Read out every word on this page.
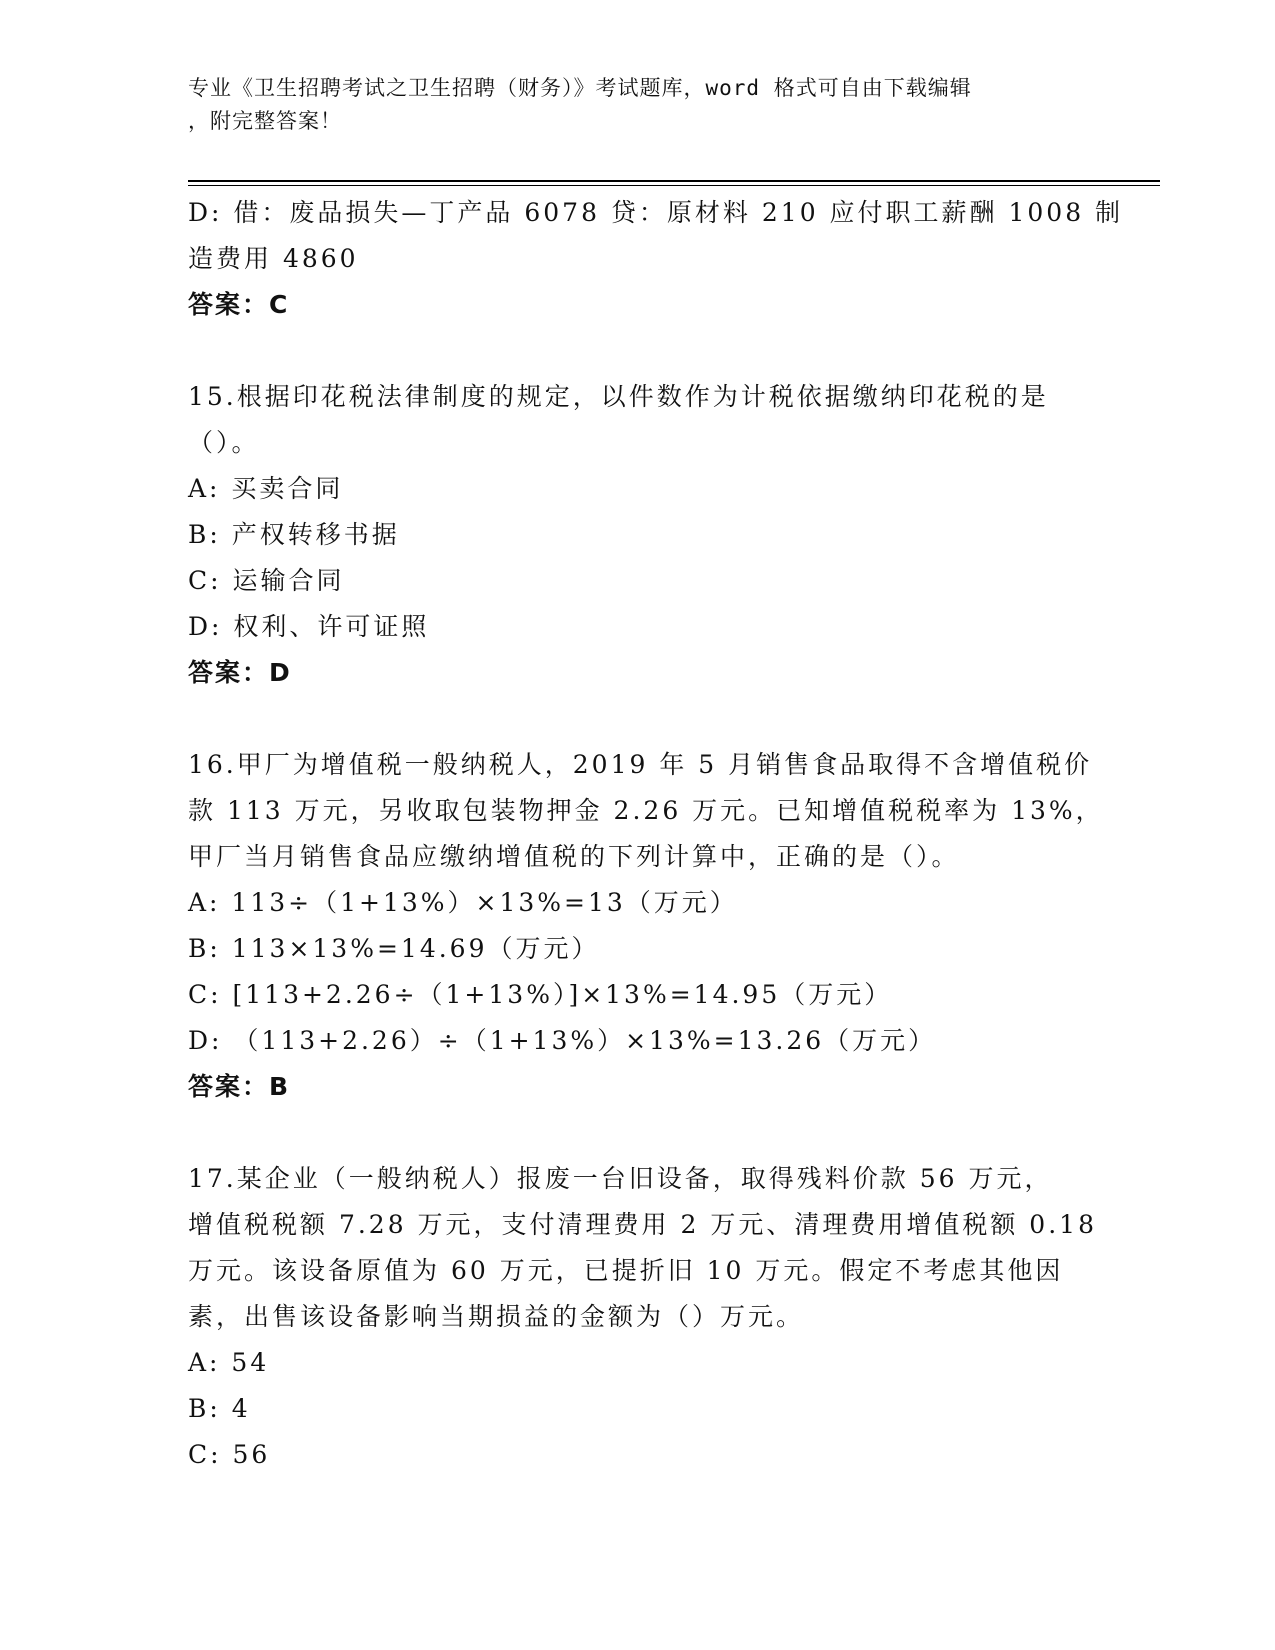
专业《卫生招聘考试之卫生招聘（财务）》考试题库，word 格式可自由下载编辑
，附完整答案！
D: 借：废品损失—丁产品 6078 贷：原材料 210 应付职工薪酬 1008 制
造费用 4860
答案：C
15.根据印花税法律制度的规定，以件数作为计税依据缴纳印花税的是
（）。
A: 买卖合同
B: 产权转移书据
C: 运输合同
D: 权利、许可证照
答案：D
16.甲厂为增值税一般纳税人，2019 年 5 月销售食品取得不含增值税价
款 113 万元，另收取包装物押金 2.26 万元。已知增值税税率为 13%，
甲厂当月销售食品应缴纳增值税的下列计算中，正确的是（）。
A: 113÷（1+13%）×13%=13（万元）
B: 113×13%=14.69（万元）
C: [113+2.26÷（1+13%）]×13%=14.95（万元）
D: （113+2.26）÷（1+13%）×13%=13.26（万元）
答案：B
17.某企业（一般纳税人）报废一台旧设备，取得残料价款 56 万元，
增值税税额 7.28 万元，支付清理费用 2 万元、清理费用增值税额 0.18
万元。该设备原值为 60 万元，已提折旧 10 万元。假定不考虑其他因
素，出售该设备影响当期损益的金额为（）万元。
A: 54
B: 4
C: 56
